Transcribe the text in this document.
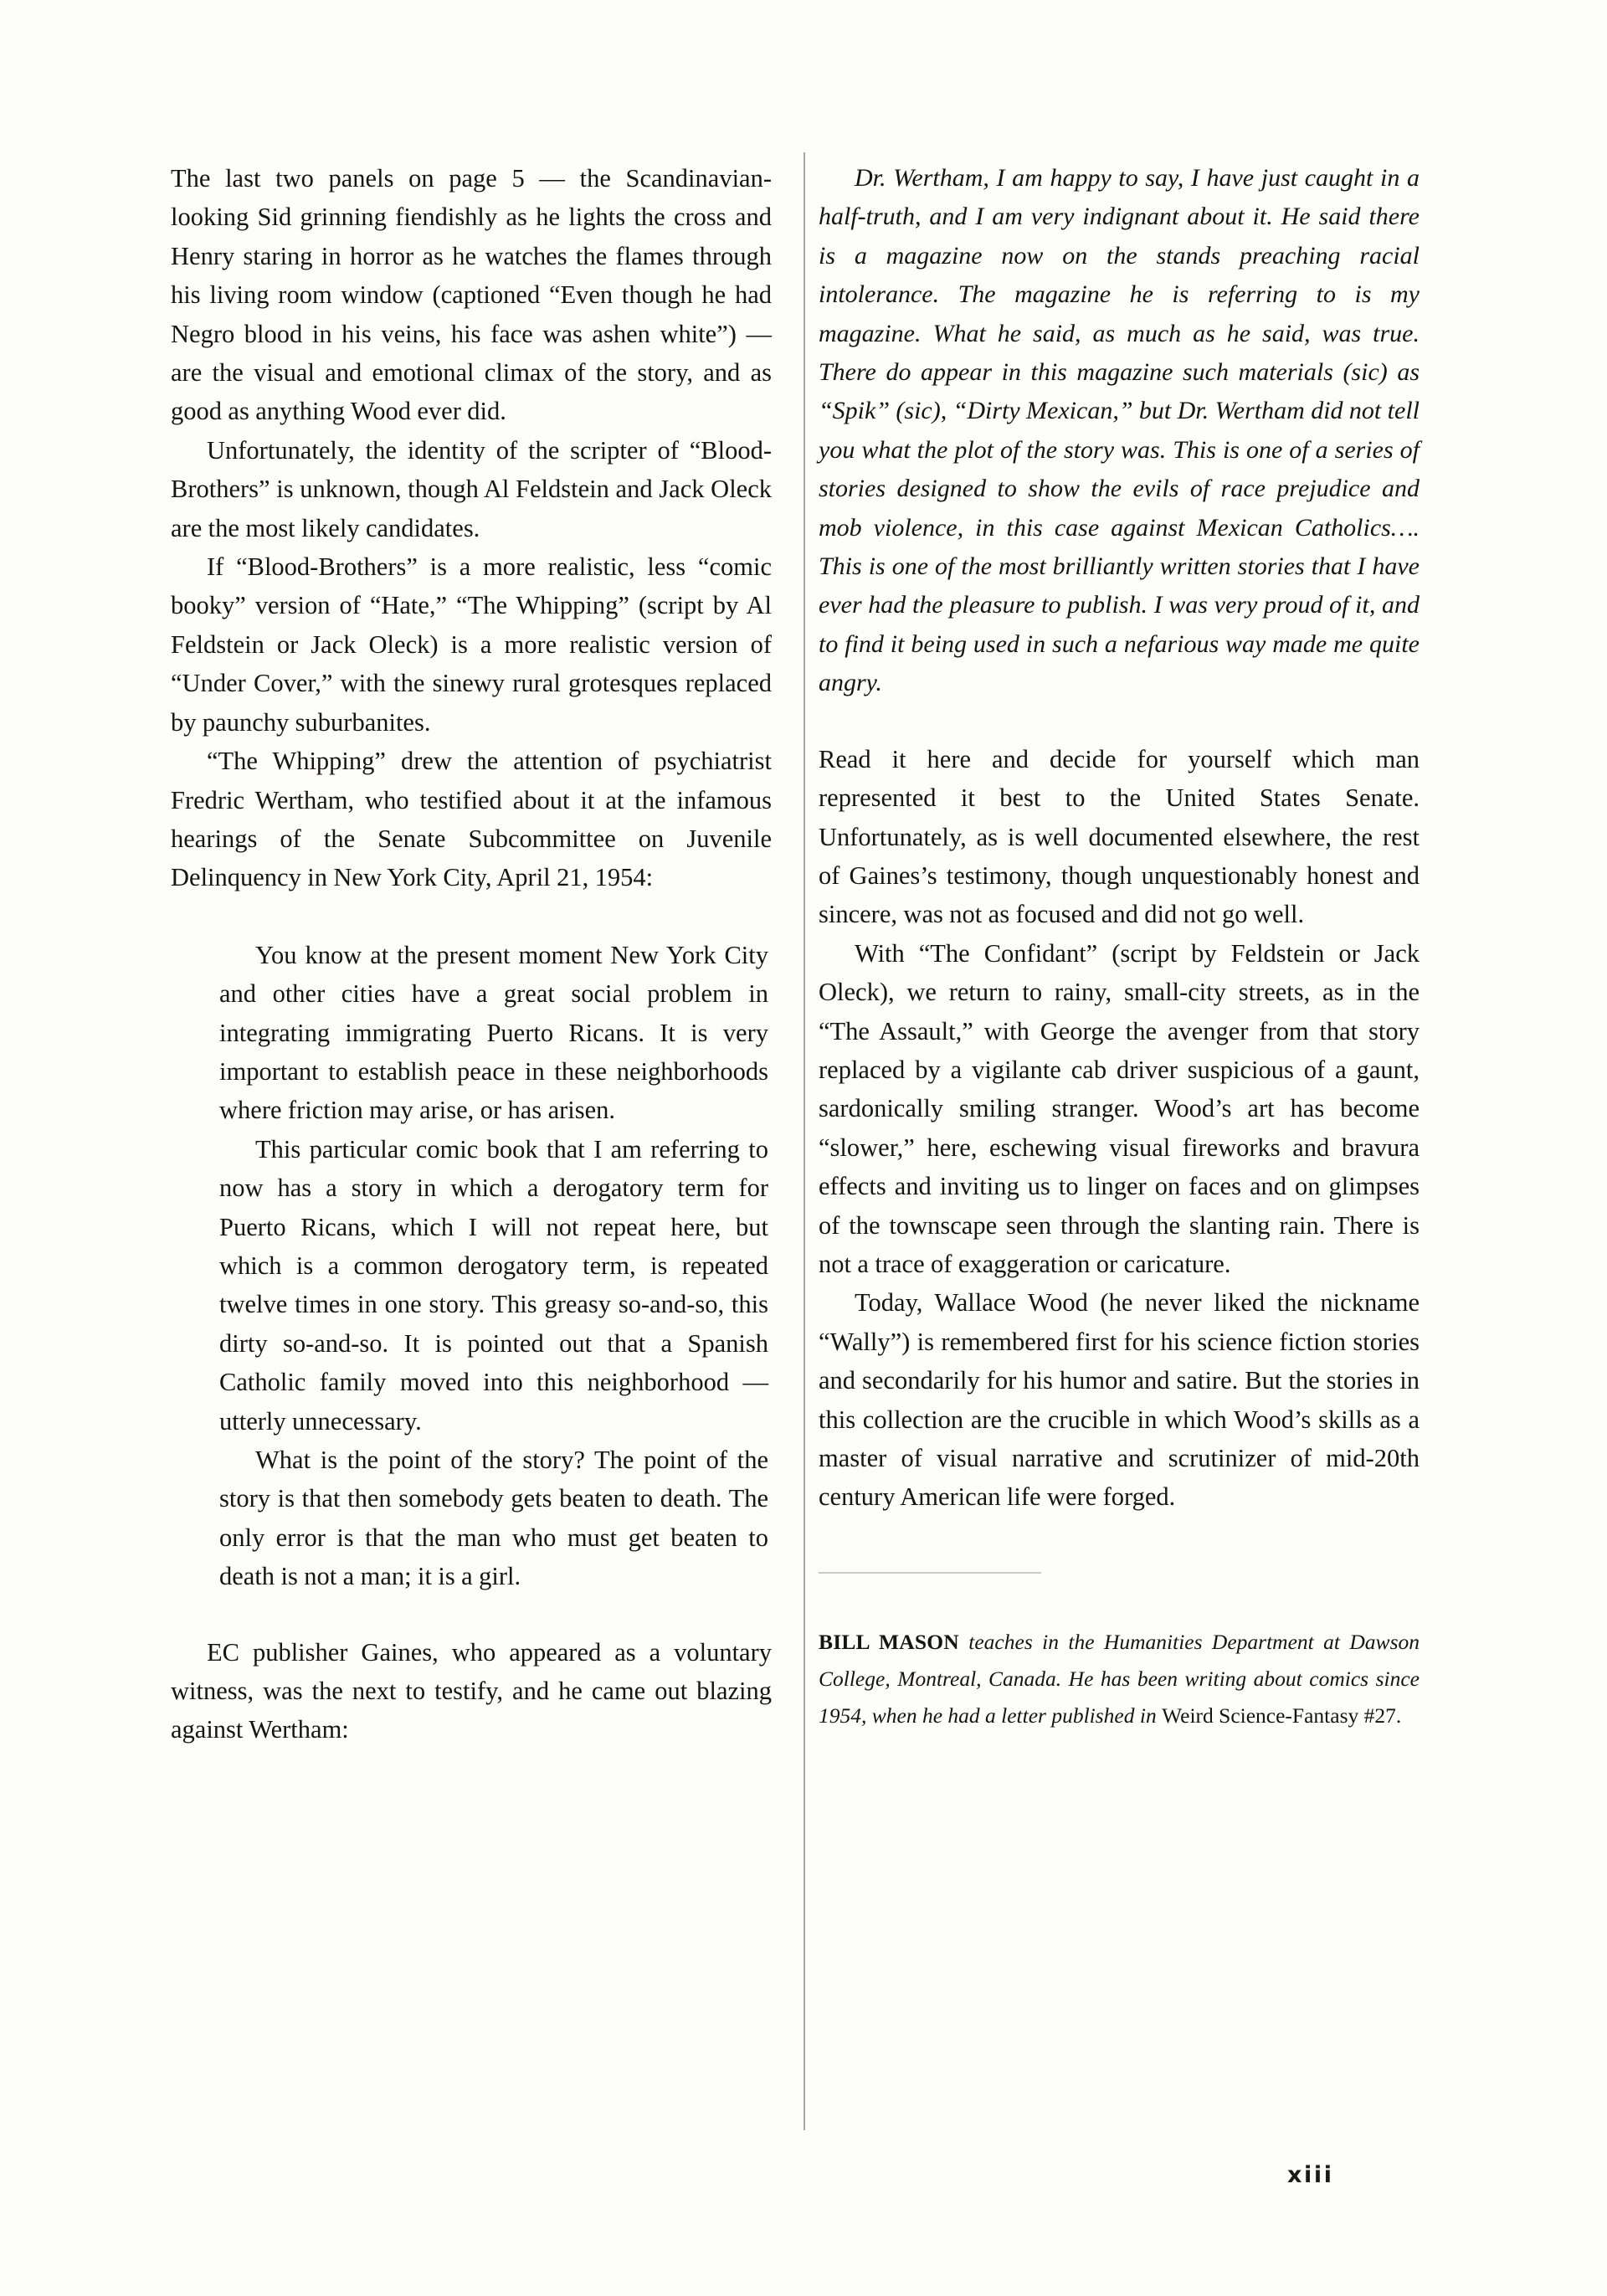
The last two panels on page 5 — the Scandinavian-looking Sid grinning fiendishly as he lights the cross and Henry staring in horror as he watches the flames through his living room window (captioned “Even though he had Negro blood in his veins, his face was ashen white”) — are the visual and emotional climax of the story, and as good as anything Wood ever did.

Unfortunately, the identity of the scripter of “Blood-Brothers” is unknown, though Al Feldstein and Jack Oleck are the most likely candidates.

If “Blood-Brothers” is a more realistic, less “comic booky” version of “Hate,” “The Whipping” (script by Al Feldstein or Jack Oleck) is a more realistic version of “Under Cover,” with the sinewy rural grotesques replaced by paunchy suburbanites.

“The Whipping” drew the attention of psychiatrist Fredric Wertham, who testified about it at the infamous hearings of the Senate Subcommittee on Juvenile Delinquency in New York City, April 21, 1954:

You know at the present moment New York City and other cities have a great social problem in integrating immigrating Puerto Ricans. It is very important to establish peace in these neighborhoods where friction may arise, or has arisen.

This particular comic book that I am referring to now has a story in which a derogatory term for Puerto Ricans, which I will not repeat here, but which is a common derogatory term, is repeated twelve times in one story. This greasy so-and-so, this dirty so-and-so. It is pointed out that a Spanish Catholic family moved into this neighborhood — utterly unnecessary.

What is the point of the story? The point of the story is that then somebody gets beaten to death. The only error is that the man who must get beaten to death is not a man; it is a girl.

EC publisher Gaines, who appeared as a voluntary witness, was the next to testify, and he came out blazing against Wertham:

Dr. Wertham, I am happy to say, I have just caught in a half-truth, and I am very indignant about it. He said there is a magazine now on the stands preaching racial intolerance. The magazine he is referring to is my magazine. What he said, as much as he said, was true. There do appear in this magazine such materials (sic) as “Spik” (sic), “Dirty Mexican,” but Dr. Wertham did not tell you what the plot of the story was. This is one of a series of stories designed to show the evils of race prejudice and mob violence, in this case against Mexican Catholics…. This is one of the most brilliantly written stories that I have ever had the pleasure to publish. I was very proud of it, and to find it being used in such a nefarious way made me quite angry.

Read it here and decide for yourself which man represented it best to the United States Senate. Unfortunately, as is well documented elsewhere, the rest of Gaines’s testimony, though unquestionably honest and sincere, was not as focused and did not go well.

With “The Confidant” (script by Feldstein or Jack Oleck), we return to rainy, small-city streets, as in the “The Assault,” with George the avenger from that story replaced by a vigilante cab driver suspicious of a gaunt, sardonically smiling stranger. Wood’s art has become “slower,” here, eschewing visual fireworks and bravura effects and inviting us to linger on faces and on glimpses of the townscape seen through the slanting rain. There is not a trace of exaggeration or caricature.

Today, Wallace Wood (he never liked the nickname “Wally”) is remembered first for his science fiction stories and secondarily for his humor and satire. But the stories in this collection are the crucible in which Wood’s skills as a master of visual narrative and scrutinizer of mid-20th century American life were forged.

BILL MASON teaches in the Humanities Department at Dawson College, Montreal, Canada. He has been writing about comics since 1954, when he had a letter published in Weird Science-Fantasy #27.
xiii
